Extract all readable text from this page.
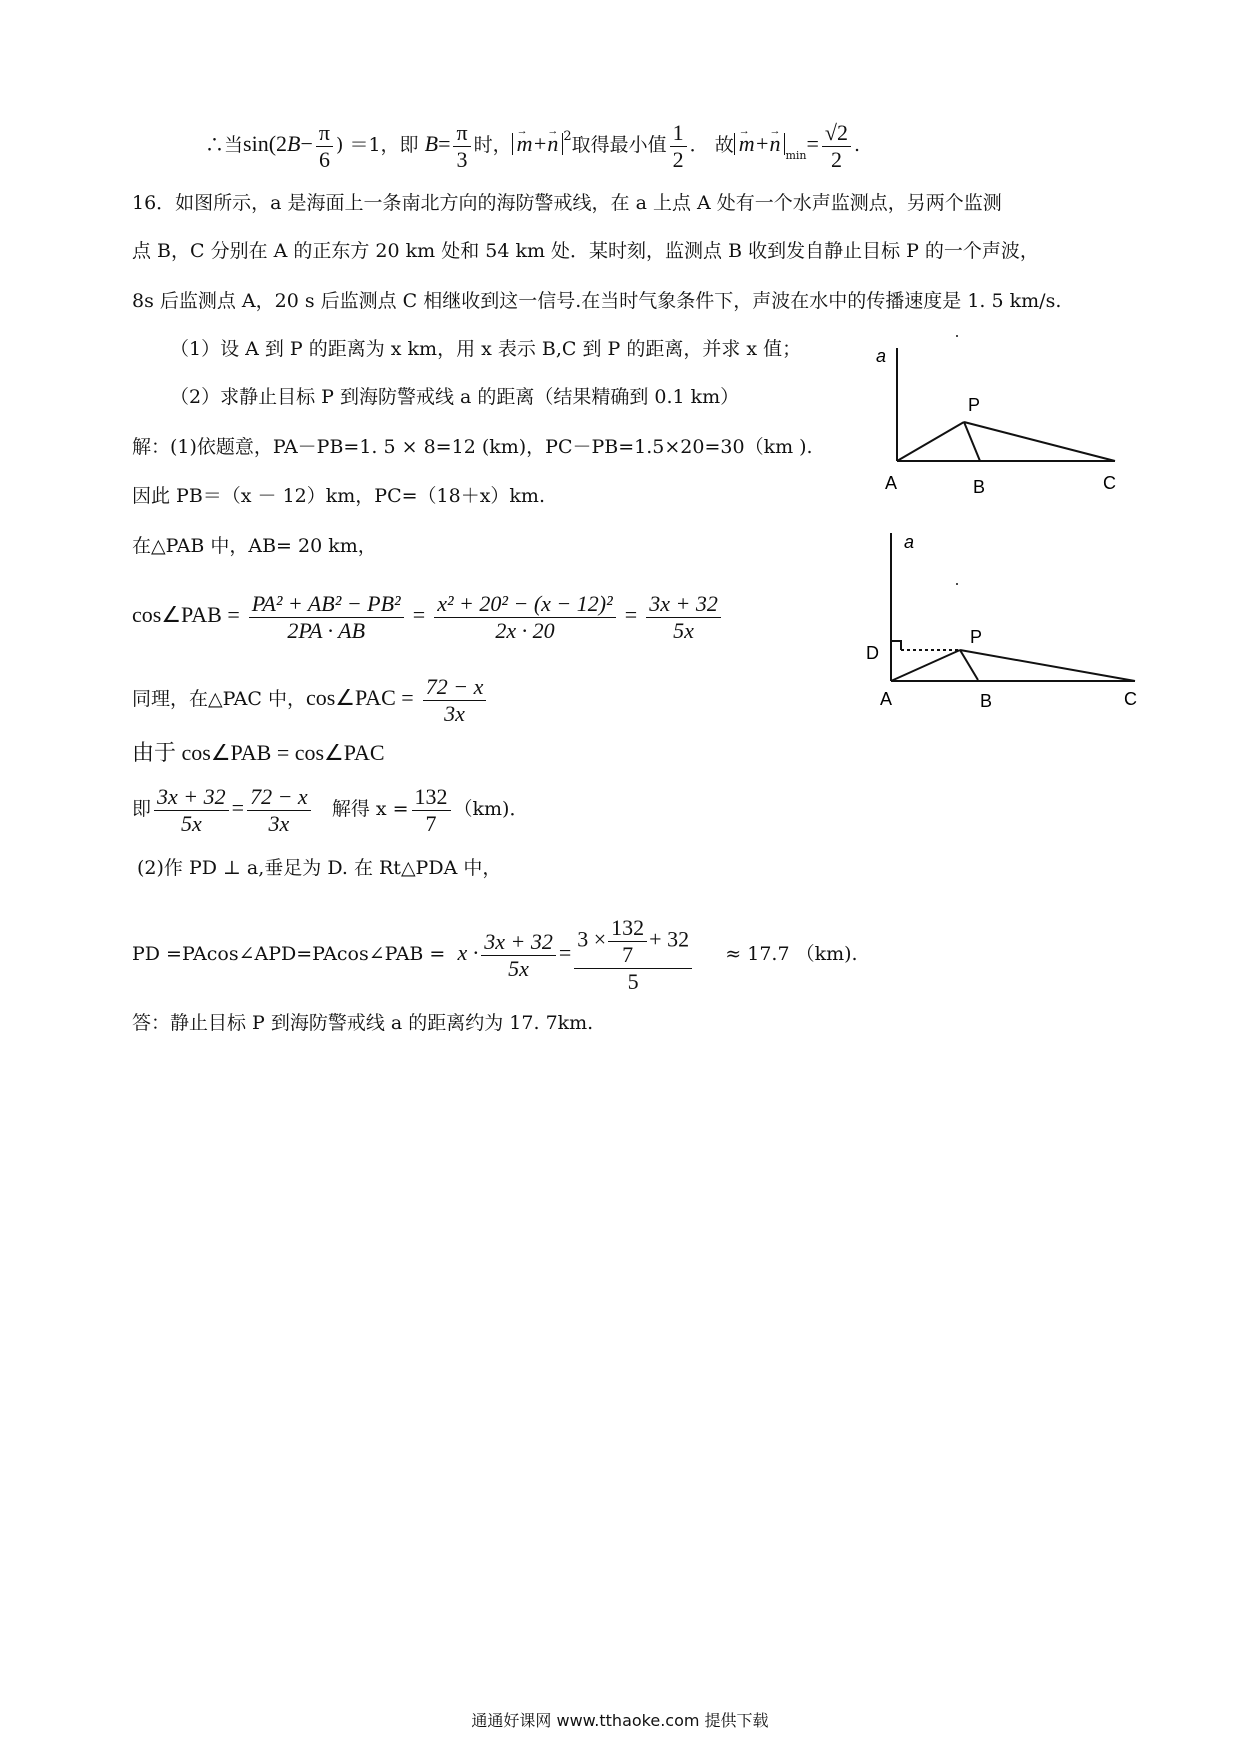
∴当$\sin(2B- \frac{\pi}{6}$ ) ＝1，即 $B= \frac{\pi}{3}$ 时， → m+→ n $^2$取得最小值 $\frac{1}{2}$ ． 故 → m+→ n $_{min}= \frac{√2}{2}$ .
16．如图所示，a 是海面上一条南北方向的海防警戒线，在 a 上点 A 处有一个水声监测点，另两个监测
点 B，C 分别在 A 的正东方 20 km 处和 54 km 处．某时刻，监测点 B 收到发自静止目标 P 的一个声波，
8s 后监测点 A，20 s 后监测点 C 相继收到这一信号.在当时气象条件下，声波在水中的传播速度是 1. 5 km/s.
（1）设 A 到 P 的距离为 x km，用 x 表示 B,C 到 P 的距离，并求 x 值；
（2）求静止目标 P 到海防警戒线 a 的距离（结果精确到 0.1 km）
解：(1)依题意，PA－PB=1. 5 × 8=12 (km)，PC－PB=1.5×20=30（km ).
因此 PB＝（x － 12）km，PC=（18＋x）km.
在△PAB 中，AB= 20 km，
cos∠PAB = $\frac{\text{PA² + AB² − PB²}}{2PA \cdot AB} = \frac{\text{x² + 20² − (x − 12)²}}{2x \cdot 20} = \frac{3x + 32}{5x}$
同理，在△PAC 中，cos∠PAC = $\frac{72 - x}{3x}$
由于 cos∠PAB = cos∠PAC
即 $\frac{3x + 32}{5x} = \frac{72 - x}{3x}$ 解得 $x = \frac{132}{7} (km)$．
(2)作 PD ⊥ a,垂足为 D. 在 Rt△PDA 中，
PD =PAcos∠APD=PAcos∠PAB = $x \cdot \frac{3x + 32}{5x} = \frac{3 \times \frac{132}{7} + 32}{5} \approx 17.7$ （km).
答：静止目标 P 到海防警戒线 a 的距离约为 17. 7km.
a
P
A	B	C
a
P
D
A	B	C
通通好课网 www.tthaoke.com 提供下载
